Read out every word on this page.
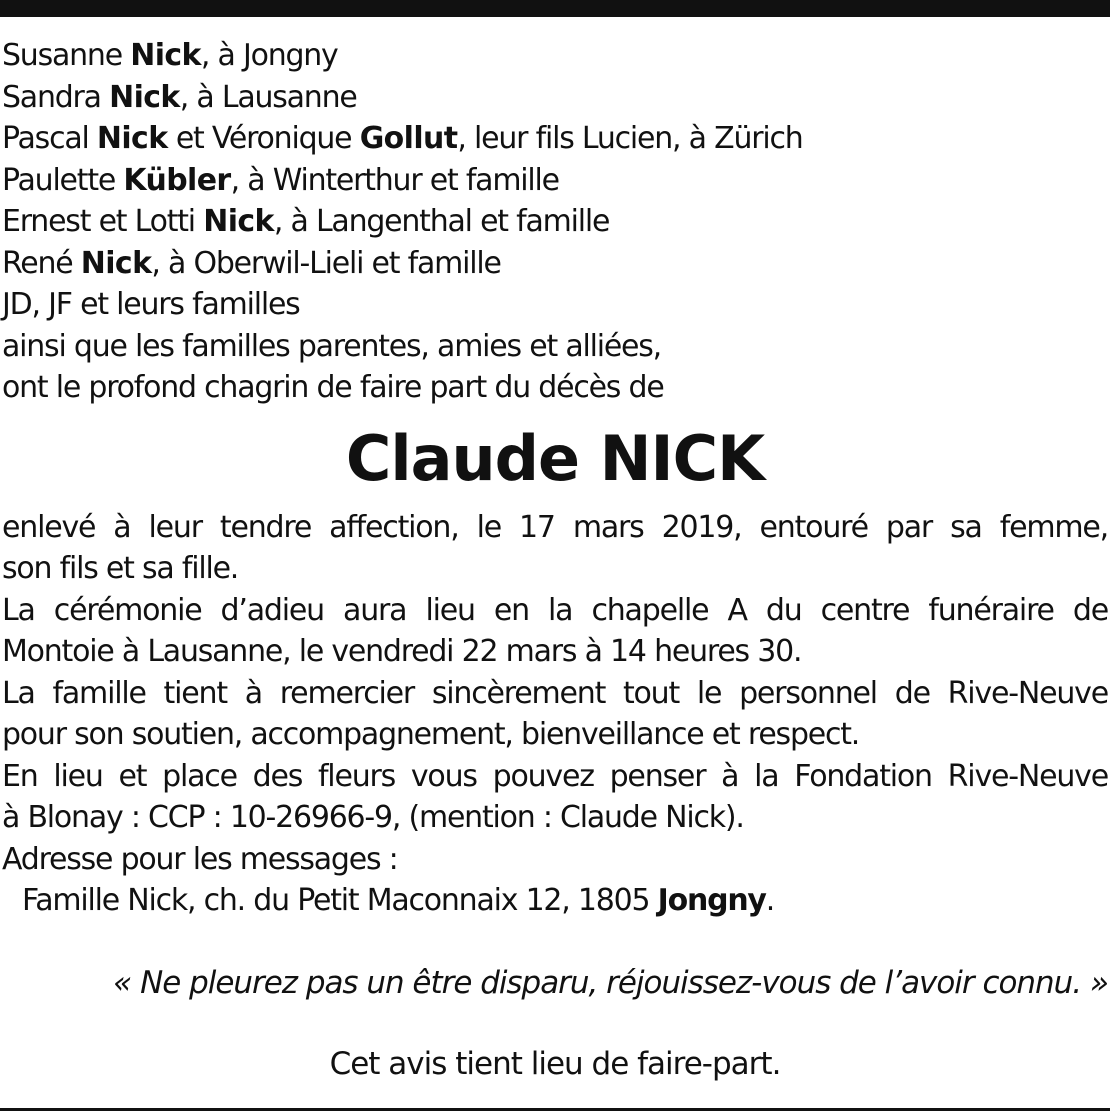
Susanne Nick, à Jongny
Sandra Nick, à Lausanne
Pascal Nick et Véronique Gollut, leur fils Lucien, à Zürich
Paulette Kübler, à Winterthur et famille
Ernest et Lotti Nick, à Langenthal et famille
René Nick, à Oberwil-Lieli et famille
JD, JF et leurs familles
ainsi que les familles parentes, amies et alliées,
ont le profond chagrin de faire part du décès de
Claude NICK
enlevé à leur tendre affection, le 17 mars 2019, entouré par sa femme,
son fils et sa fille.
La cérémonie d’adieu aura lieu en la chapelle A du centre funéraire de
Montoie à Lausanne, le vendredi 22 mars à 14 heures 30.
La famille tient à remercier sincèrement tout le personnel de Rive-Neuve
pour son soutien, accompagnement, bienveillance et respect.
En lieu et place des fleurs vous pouvez penser à la Fondation Rive-Neuve
à Blonay : CCP : 10-26966-9, (mention : Claude Nick).
Adresse pour les messages :
Famille Nick, ch. du Petit Maconnaix 12, 1805 Jongny.
« Ne pleurez pas un être disparu, réjouissez-vous de l’avoir connu. »
Cet avis tient lieu de faire-part.
